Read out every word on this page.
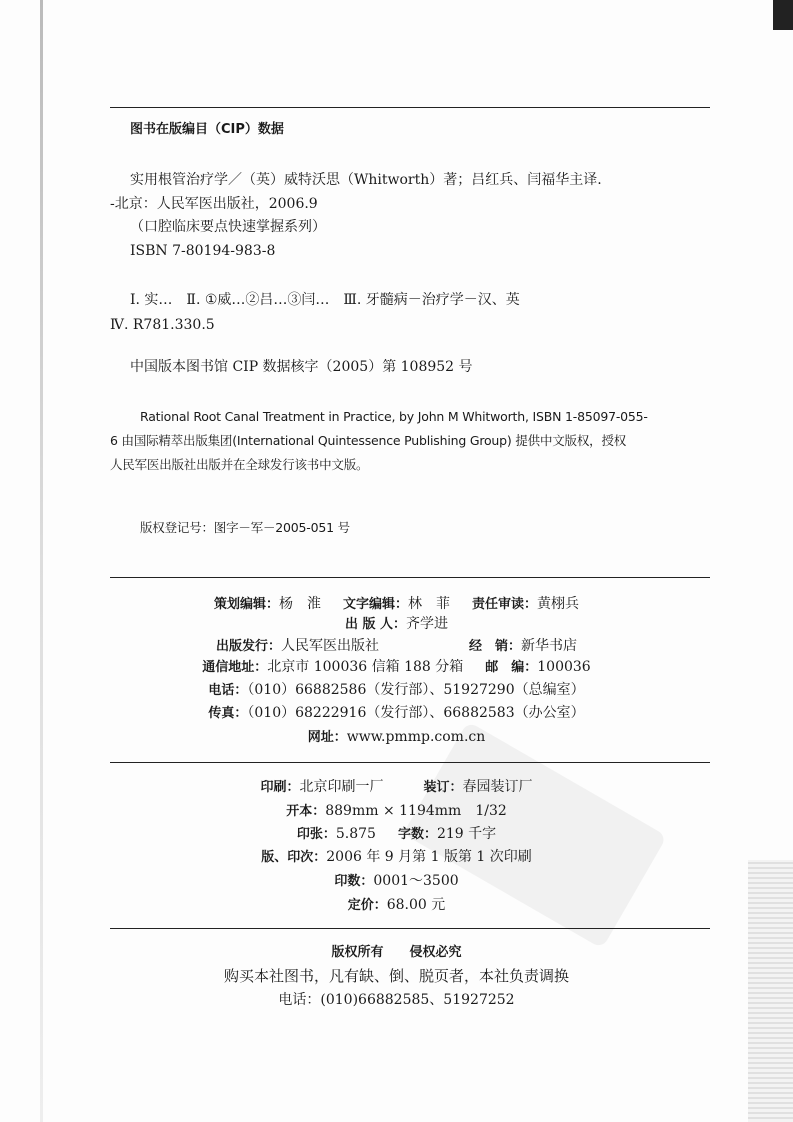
图书在版编目（CIP）数据
实用根管治疗学／（英）威特沃思（Whitworth）著；吕红兵、闫福华主译.
-北京：人民军医出版社，2006.9
（口腔临床要点快速掌握系列）
ISBN 7-80194-983-8
Ⅰ. 实…　Ⅱ. ①威…②吕…③闫…　Ⅲ. 牙髓病－治疗学－汉、英
Ⅳ. R781.330.5
中国版本图书馆 CIP 数据核字（2005）第 108952 号
Rational Root Canal Treatment in Practice, by John M Whitworth, ISBN 1-85097-055-
6 由国际精萃出版集团(International Quintessence Publishing Group) 提供中文版权，授权
人民军医出版社出版并在全球发行该书中文版。
版权登记号：图字－军－2005-051 号
策划编辑：杨　淮 文字编辑：林　菲 责任审读：黄栩兵
出 版 人：齐学进
出版发行：人民军医出版社	经　销：新华书店
通信地址：北京市 100036 信箱 188 分箱 邮　编：100036
电话：（010）66882586（发行部）、51927290（总编室）
传真：（010）68222916（发行部）、66882583（办公室）
网址：www.pmmp.com.cn
印刷：北京印刷一厂	装订：春园装订厂
开本：889mm × 1194mm　1/32
印张：5.875 字数：219 千字
版、印次：2006 年 9 月第 1 版第 1 次印刷
印数：0001～3500
定价：68.00 元
版权所有　　侵权必究
购买本社图书，凡有缺、倒、脱页者，本社负责调换
电话：(010)66882585、51927252
